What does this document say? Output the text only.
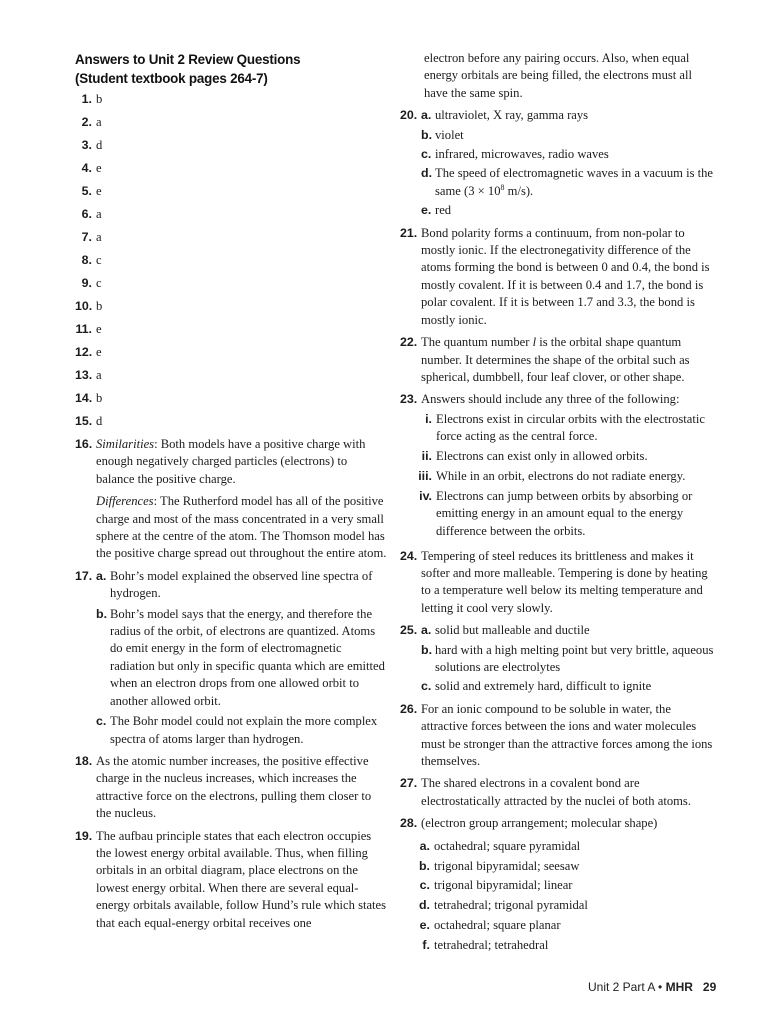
Answers to Unit 2 Review Questions
(Student textbook pages 264-7)
1. b
2. a
3. d
4. e
5. e
6. a
7. a
8. c
9. c
10. b
11. e
12. e
13. a
14. b
15. d
16. Similarities: Both models have a positive charge with enough negatively charged particles (electrons) to balance the positive charge.
Differences: The Rutherford model has all of the positive charge and most of the mass concentrated in a very small sphere at the centre of the atom. The Thomson model has the positive charge spread out throughout the entire atom.
17. a. Bohr’s model explained the observed line spectra of hydrogen.
b. Bohr’s model says that the energy, and therefore the radius of the orbit, of electrons are quantized. Atoms do emit energy in the form of electromagnetic radiation but only in specific quanta which are emitted when an electron drops from one allowed orbit to another allowed orbit.
c. The Bohr model could not explain the more complex spectra of atoms larger than hydrogen.
18. As the atomic number increases, the positive effective charge in the nucleus increases, which increases the attractive force on the electrons, pulling them closer to the nucleus.
19. The aufbau principle states that each electron occupies the lowest energy orbital available. Thus, when filling orbitals in an orbital diagram, place electrons on the lowest energy orbital. When there are several equal-energy orbitals available, follow Hund’s rule which states that each equal-energy orbital receives one
electron before any pairing occurs. Also, when equal energy orbitals are being filled, the electrons must all have the same spin.
20. a. ultraviolet, X ray, gamma rays
b. violet
c. infrared, microwaves, radio waves
d. The speed of electromagnetic waves in a vacuum is the same ($3 \times 10^8$ m/s).
e. red
21. Bond polarity forms a continuum, from non-polar to mostly ionic. If the electronegativity difference of the atoms forming the bond is between 0 and 0.4, the bond is mostly covalent. If it is between 0.4 and 1.7, the bond is polar covalent. If it is between 1.7 and 3.3, the bond is mostly ionic.
22. The quantum number l is the orbital shape quantum number. It determines the shape of the orbital such as spherical, dumbbell, four leaf clover, or other shape.
23. Answers should include any three of the following:
i. Electrons exist in circular orbits with the electrostatic force acting as the central force.
ii. Electrons can exist only in allowed orbits.
iii. While in an orbit, electrons do not radiate energy.
iv. Electrons can jump between orbits by absorbing or emitting energy in an amount equal to the energy difference between the orbits.
24. Tempering of steel reduces its brittleness and makes it softer and more malleable. Tempering is done by heating to a temperature well below its melting temperature and letting it cool very slowly.
25. a. solid but malleable and ductile
b. hard with a high melting point but very brittle, aqueous solutions are electrolytes
c. solid and extremely hard, difficult to ignite
26. For an ionic compound to be soluble in water, the attractive forces between the ions and water molecules must be stronger than the attractive forces among the ions themselves.
27. The shared electrons in a covalent bond are electrostatically attracted by the nuclei of both atoms.
28. (electron group arrangement; molecular shape)
a. octahedral; square pyramidal
b. trigonal bipyramidal; seesaw
c. trigonal bipyramidal; linear
d. tetrahedral; trigonal pyramidal
e. octahedral; square planar
f. tetrahedral; tetrahedral
Unit 2 Part A • MHR 29
